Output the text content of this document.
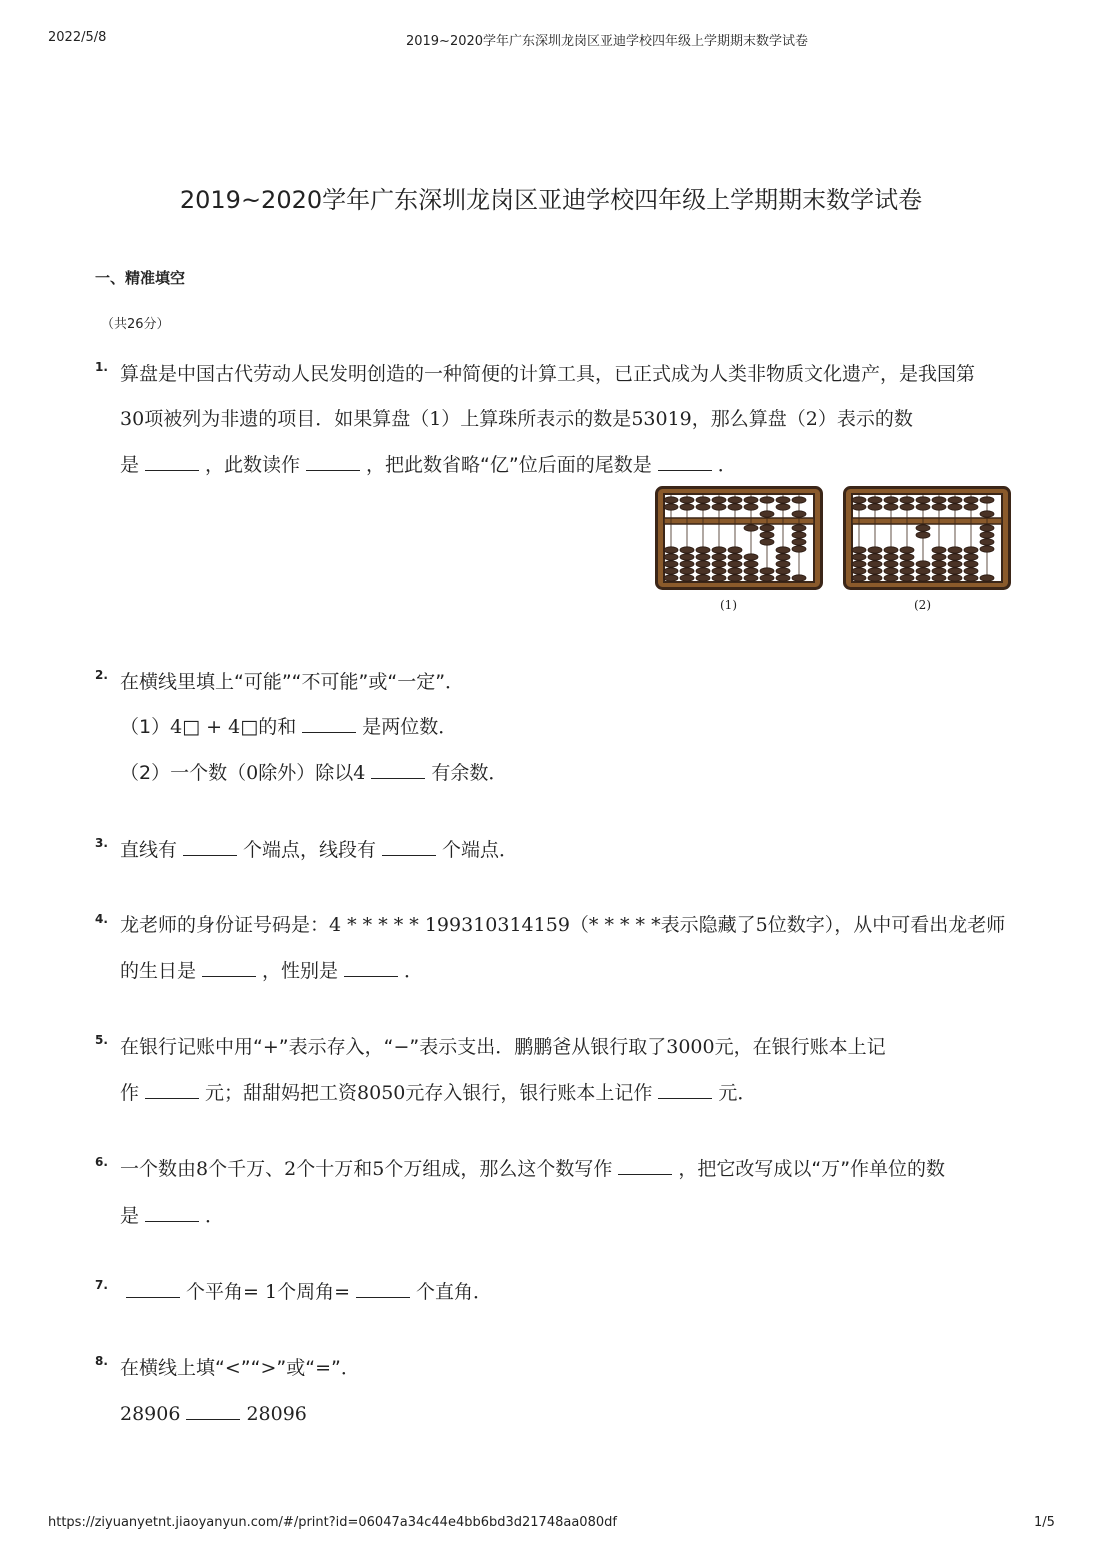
2022/5/8	2019~2020学年广东深圳龙岗区亚迪学校四年级上学期期末数学试卷
2019~2020学年广东深圳龙岗区亚迪学校四年级上学期期末数学试卷
一、精准填空
（共26分）
1. 算盘是中国古代劳动人民发明创造的一种简便的计算工具，已正式成为人类非物质文化遗产，是我国第
30项被列为非遗的项目．如果算盘（1）上算珠所表示的数是53019，那么算盘（2）表示的数
是	，此数读作	，把此数省略“亿”位后面的尾数是	．
(1)	(2)
2. 在横线里填上“可能”“不可能”或“一定”．
（1）4□ + 4□的和	是两位数．
（2）一个数（0除外）除以4	有余数．
3. 直线有	个端点，线段有	个端点．
4. 龙老师的身份证号码是：4 * * * * * 199310314159（* * * * *表示隐藏了5位数字），从中可看出龙老师
的生日是	，性别是	．
5. 在银行记账中用“+”表示存入，“−”表示支出．鹏鹏爸从银行取了3000元，在银行账本上记
作	元；甜甜妈把工资8050元存入银行，银行账本上记作	元．
6. 一个数由8个千万、2个十万和5个万组成，那么这个数写作	，把它改写成以“万”作单位的数
是	．
7.	个平角= 1个周角=	个直角．
8. 在横线上填“<”“>”或“=”．
28906	28096
https://ziyuanyetnt.jiaoyanyun.com/#/print?id=06047a34c44e4bb6bd3d21748aa080df	1/5
